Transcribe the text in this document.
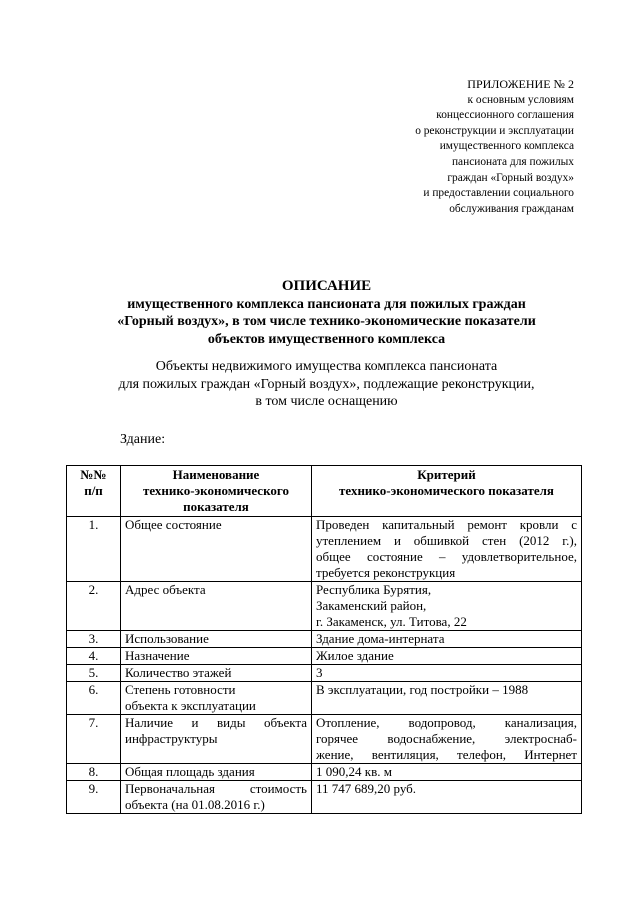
ПРИЛОЖЕНИЕ № 2
к основным условиям
концессионного соглашения
о реконструкции и эксплуатации
имущественного комплекса
пансионата для пожилых
граждан «Горный воздух»
и предоставлении социального
обслуживания гражданам
ОПИСАНИЕ
имущественного комплекса пансионата для пожилых граждан
«Горный воздух», в том числе технико-экономические показатели
объектов имущественного комплекса
Объекты недвижимого имущества комплекса пансионата
для пожилых граждан «Горный воздух», подлежащие реконструкции,
в том числе оснащению
Здание:
№№
п/п	Наименование
технико-экономического
показателя	Критерий
технико-экономического показателя

1.	Общее состояние	Проведен капитальный ремонт кровли с
утеплением и обшивкой стен (2012 г.),
общее состояние – удовлетворительное,
требуется реконструкция

2.	Адрес объекта	Республика Бурятия,
Закаменский район,
г. Закаменск, ул. Титова, 22

3.	Использование	Здание дома-интерната

4.	Назначение	Жилое здание

5.	Количество этажей	3

6.	Степень готовности
объекта к эксплуатации	В эксплуатации, год постройки – 1988

7.	Наличие и виды объекта
инфраструктуры	Отопление, водопровод, канализация,
горячее водоснабжение, электроснаб-
жение, вентиляция, телефон, Интернет

8.	Общая площадь здания	1 090,24 кв. м

9.	Первоначальная стоимость
объекта (на 01.08.2016 г.)	11 747 689,20 руб.
